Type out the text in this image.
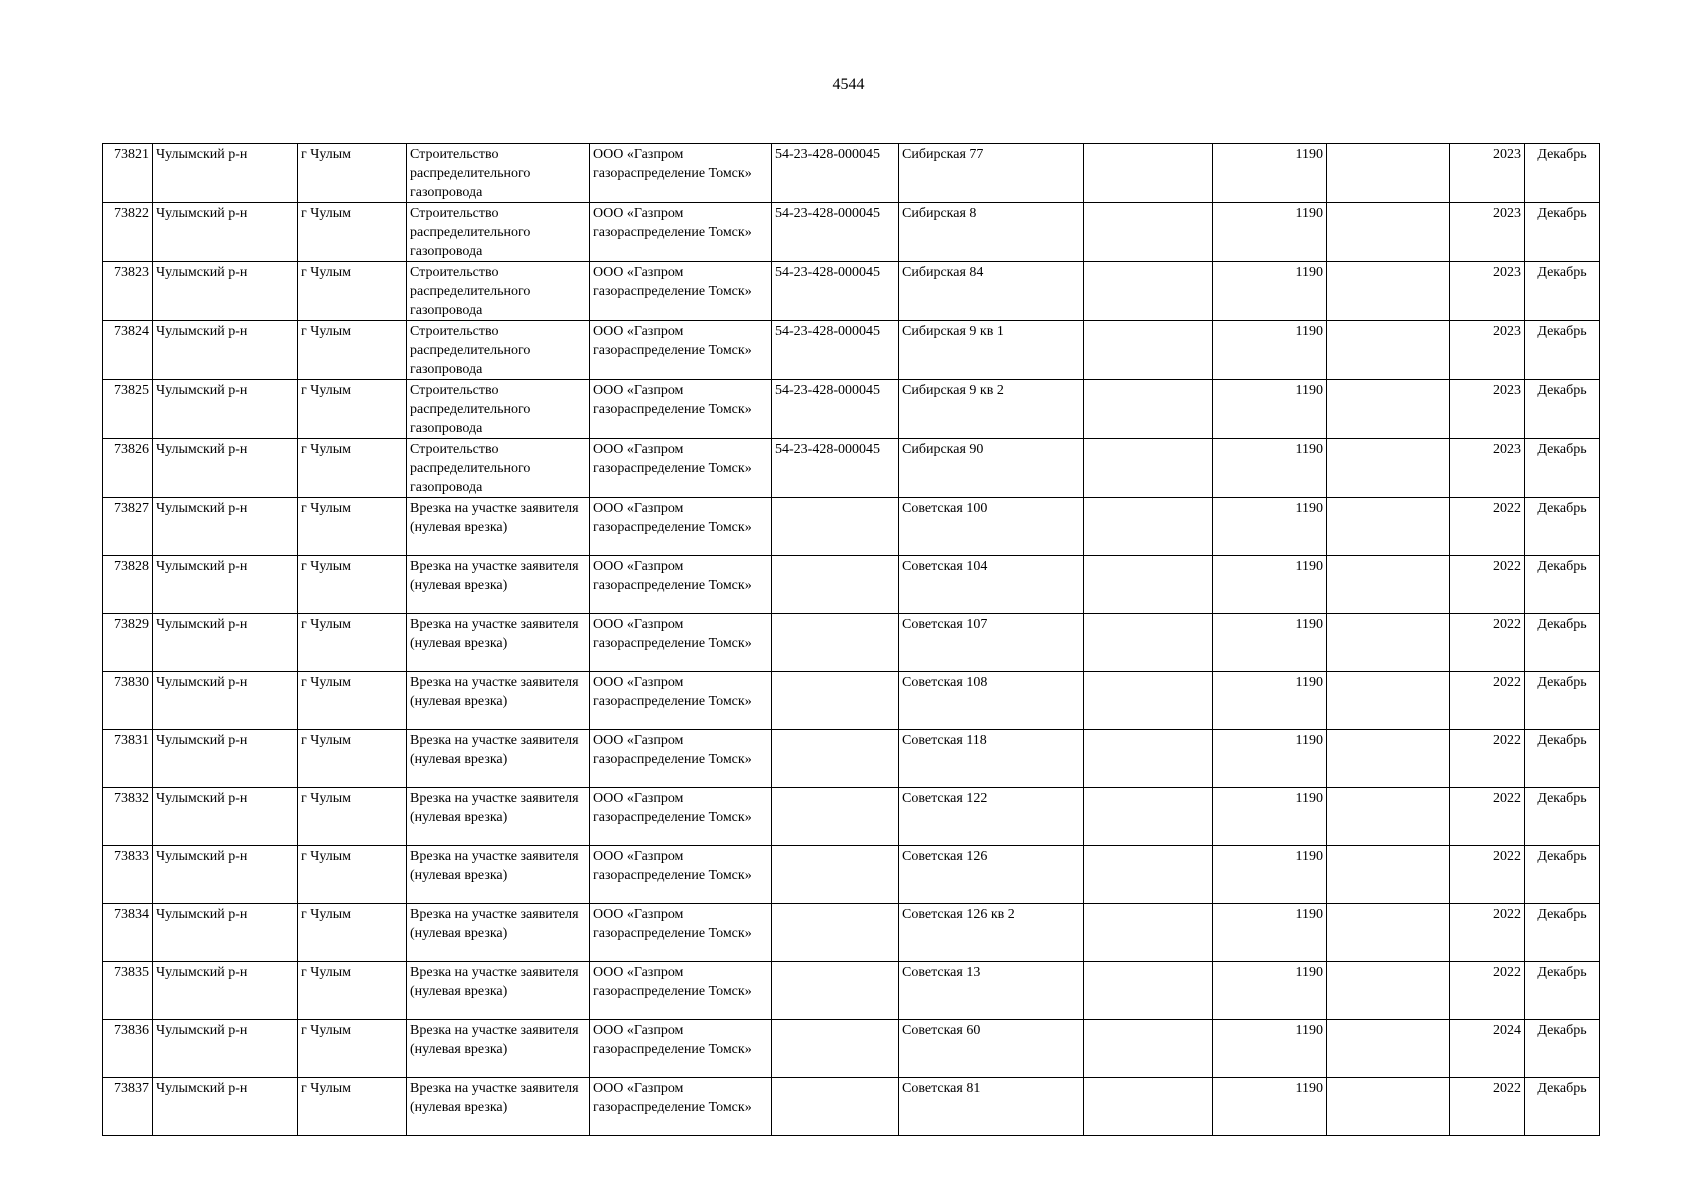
4544
73821	Чулымский р-н	г Чулым	Строительство распределительного газопровода	ООО «Газпром газораспределение Томск»	54-23-428-000045	Сибирская 77		1190		2023	Декабрь
73822	Чулымский р-н	г Чулым	Строительство распределительного газопровода	ООО «Газпром газораспределение Томск»	54-23-428-000045	Сибирская 8		1190		2023	Декабрь
73823	Чулымский р-н	г Чулым	Строительство распределительного газопровода	ООО «Газпром газораспределение Томск»	54-23-428-000045	Сибирская 84		1190		2023	Декабрь
73824	Чулымский р-н	г Чулым	Строительство распределительного газопровода	ООО «Газпром газораспределение Томск»	54-23-428-000045	Сибирская 9 кв 1		1190		2023	Декабрь
73825	Чулымский р-н	г Чулым	Строительство распределительного газопровода	ООО «Газпром газораспределение Томск»	54-23-428-000045	Сибирская 9 кв 2		1190		2023	Декабрь
73826	Чулымский р-н	г Чулым	Строительство распределительного газопровода	ООО «Газпром газораспределение Томск»	54-23-428-000045	Сибирская 90		1190		2023	Декабрь
73827	Чулымский р-н	г Чулым	Врезка на участке заявителя (нулевая врезка)	ООО «Газпром газораспределение Томск»		Советская 100		1190		2022	Декабрь
73828	Чулымский р-н	г Чулым	Врезка на участке заявителя (нулевая врезка)	ООО «Газпром газораспределение Томск»		Советская 104		1190		2022	Декабрь
73829	Чулымский р-н	г Чулым	Врезка на участке заявителя (нулевая врезка)	ООО «Газпром газораспределение Томск»		Советская 107		1190		2022	Декабрь
73830	Чулымский р-н	г Чулым	Врезка на участке заявителя (нулевая врезка)	ООО «Газпром газораспределение Томск»		Советская 108		1190		2022	Декабрь
73831	Чулымский р-н	г Чулым	Врезка на участке заявителя (нулевая врезка)	ООО «Газпром газораспределение Томск»		Советская 118		1190		2022	Декабрь
73832	Чулымский р-н	г Чулым	Врезка на участке заявителя (нулевая врезка)	ООО «Газпром газораспределение Томск»		Советская 122		1190		2022	Декабрь
73833	Чулымский р-н	г Чулым	Врезка на участке заявителя (нулевая врезка)	ООО «Газпром газораспределение Томск»		Советская 126		1190		2022	Декабрь
73834	Чулымский р-н	г Чулым	Врезка на участке заявителя (нулевая врезка)	ООО «Газпром газораспределение Томск»		Советская 126 кв 2		1190		2022	Декабрь
73835	Чулымский р-н	г Чулым	Врезка на участке заявителя (нулевая врезка)	ООО «Газпром газораспределение Томск»		Советская 13		1190		2022	Декабрь
73836	Чулымский р-н	г Чулым	Врезка на участке заявителя (нулевая врезка)	ООО «Газпром газораспределение Томск»		Советская 60		1190		2024	Декабрь
73837	Чулымский р-н	г Чулым	Врезка на участке заявителя (нулевая врезка)	ООО «Газпром газораспределение Томск»		Советская 81		1190		2022	Декабрь
